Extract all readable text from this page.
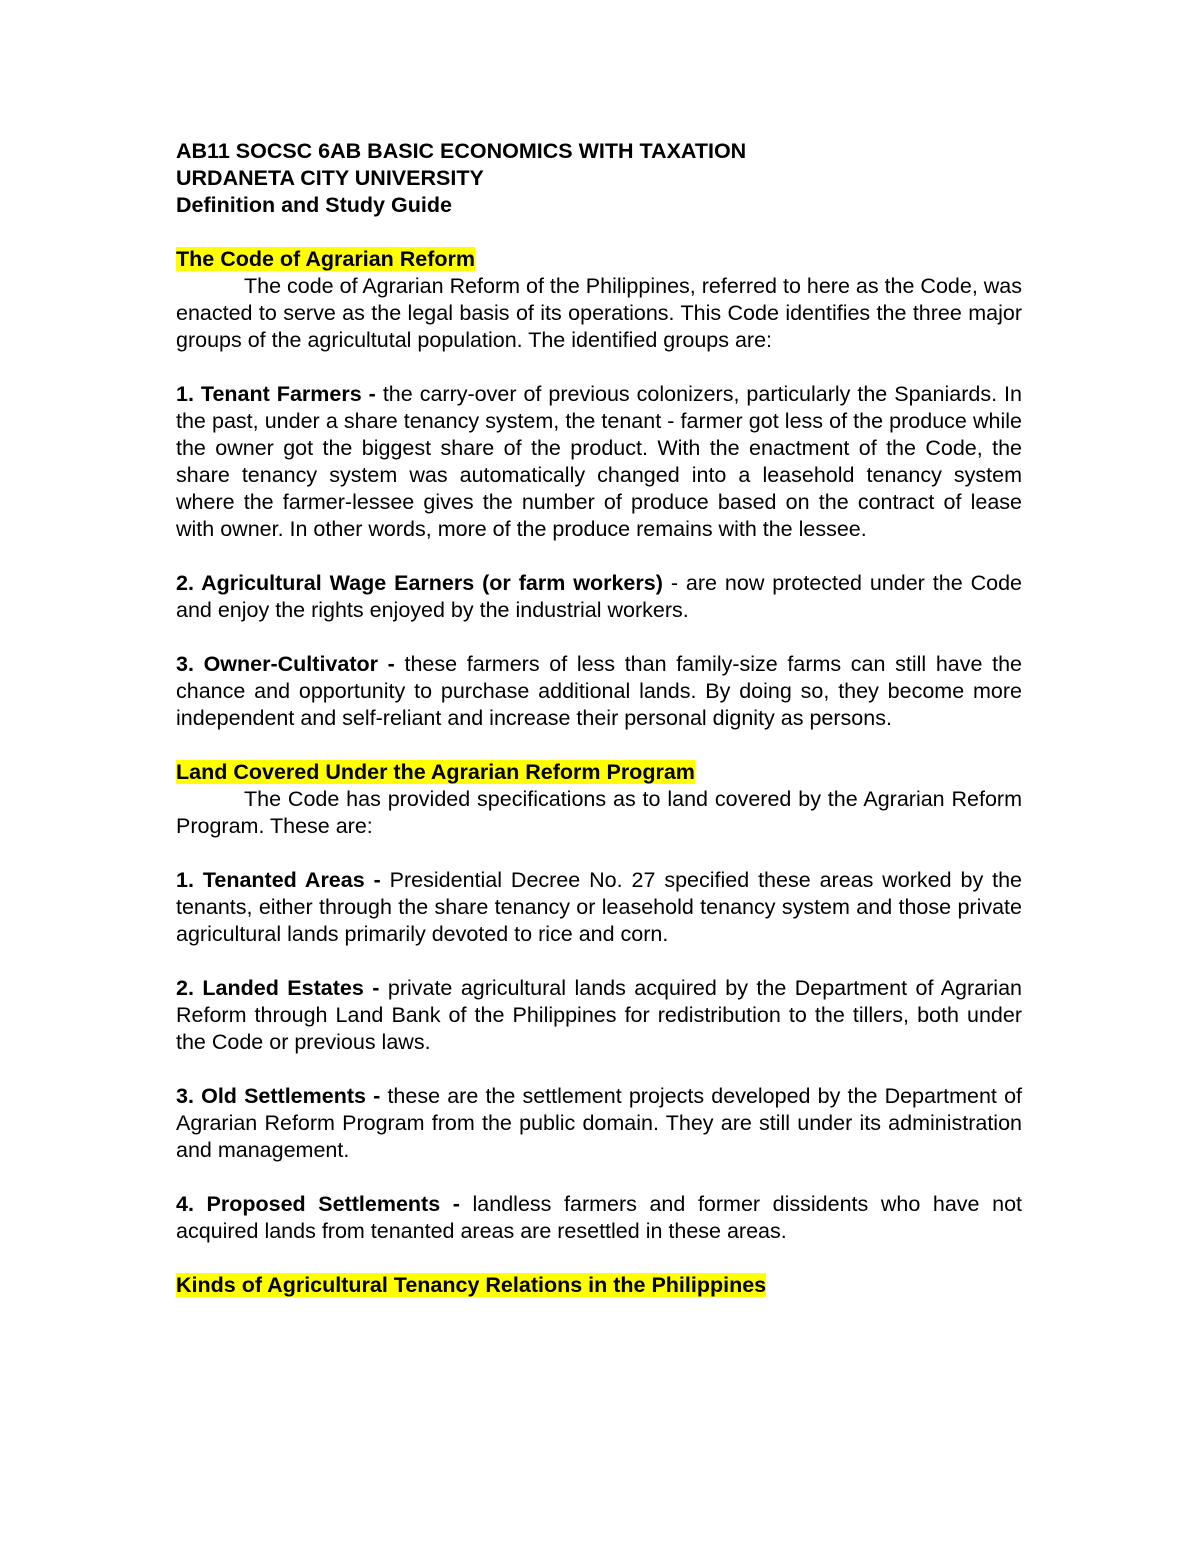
AB11 SOCSC 6AB BASIC ECONOMICS WITH TAXATION
URDANETA CITY UNIVERSITY
Definition and Study Guide
The Code of Agrarian Reform

The code of Agrarian Reform of the Philippines, referred to here as the Code, was enacted to serve as the legal basis of its operations. This Code identifies the three major groups of the agricultutal population. The identified groups are:

1. Tenant Farmers - the carry-over of previous colonizers, particularly the Spaniards. In the past, under a share tenancy system, the tenant - farmer got less of the produce while the owner got the biggest share of the product. With the enactment of the Code, the share tenancy system was automatically changed into a leasehold tenancy system where the farmer-lessee gives the number of produce based on the contract of lease with owner. In other words, more of the produce remains with the lessee.

2. Agricultural Wage Earners (or farm workers) - are now protected under the Code and enjoy the rights enjoyed by the industrial workers.

3. Owner-Cultivator - these farmers of less than family-size farms can still have the chance and opportunity to purchase additional lands. By doing so, they become more independent and self-reliant and increase their personal dignity as persons.

Land Covered Under the Agrarian Reform Program

The Code has provided specifications as to land covered by the Agrarian Reform Program. These are:

1. Tenanted Areas - Presidential Decree No. 27 specified these areas worked by the tenants, either through the share tenancy or leasehold tenancy system and those private agricultural lands primarily devoted to rice and corn.

2. Landed Estates - private agricultural lands acquired by the Department of Agrarian Reform through Land Bank of the Philippines for redistribution to the tillers, both under the Code or previous laws.

3. Old Settlements - these are the settlement projects developed by the Department of Agrarian Reform Program from the public domain. They are still under its administration and management.

4. Proposed Settlements - landless farmers and former dissidents who have not acquired lands from tenanted areas are resettled in these areas.

Kinds of Agricultural Tenancy Relations in the Philippines
